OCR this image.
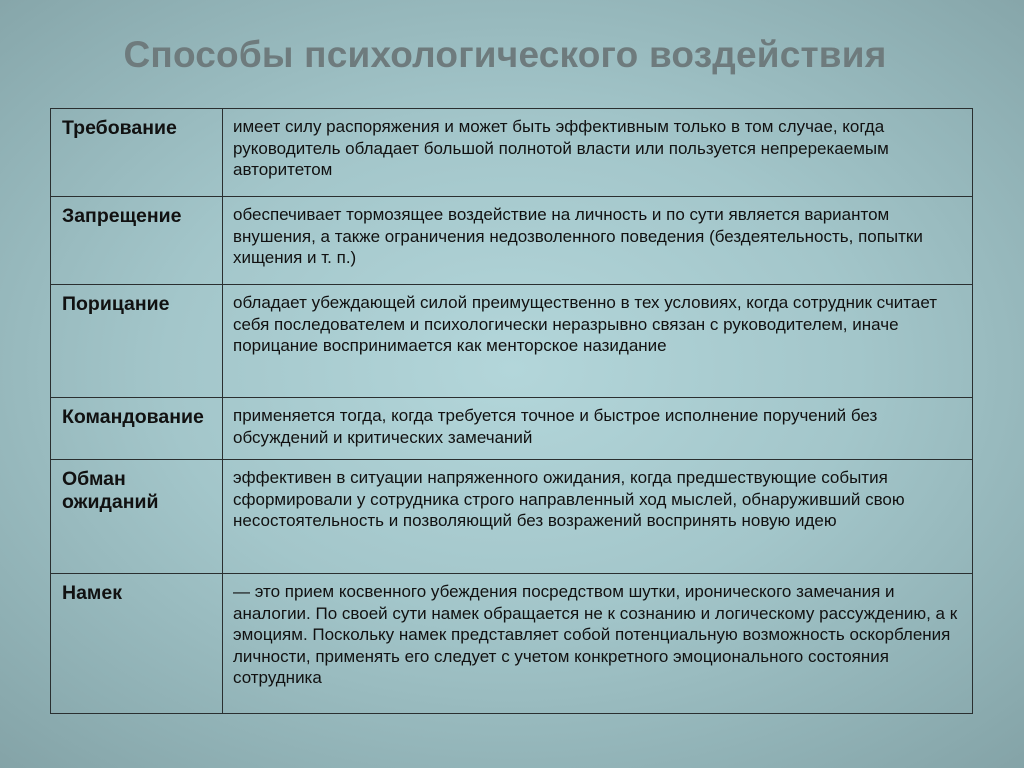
Способы психологического воздействия
Требование	имеет силу распоряжения и может быть эффективным только в том случае, когда руководитель обладает большой полнотой власти или пользуется непререкаемым авторитетом
Запрещение	обеспечивает тормозящее воздействие на личность и по сути является вариантом внушения, а также ограничения недозволенного поведения (бездеятельность, попытки хищения и т. п.)
Порицание	обладает убеждающей силой преимущественно в тех условиях, когда сотрудник считает себя последователем и психологически неразрывно связан с руководителем, иначе порицание воспринимается как менторское назидание
Командование	применяется тогда, когда требуется точное и быстрое исполнение поручений без обсуждений и критических замечаний
Обман ожиданий	эффективен в ситуации напряженного ожидания, когда предшествующие события сформировали у сотрудника строго направленный ход мыслей, обнаруживший свою несостоятельность и позволяющий без возражений воспринять новую идею
Намек	— это прием косвенного убеждения посредством шутки, иронического замечания и аналогии. По своей сути намек обращается не к сознанию и логическому рассуждению, а к эмоциям. Поскольку намек представляет собой потенциальную возможность оскорбления личности, применять его следует с учетом конкретного эмоционального состояния сотрудника
